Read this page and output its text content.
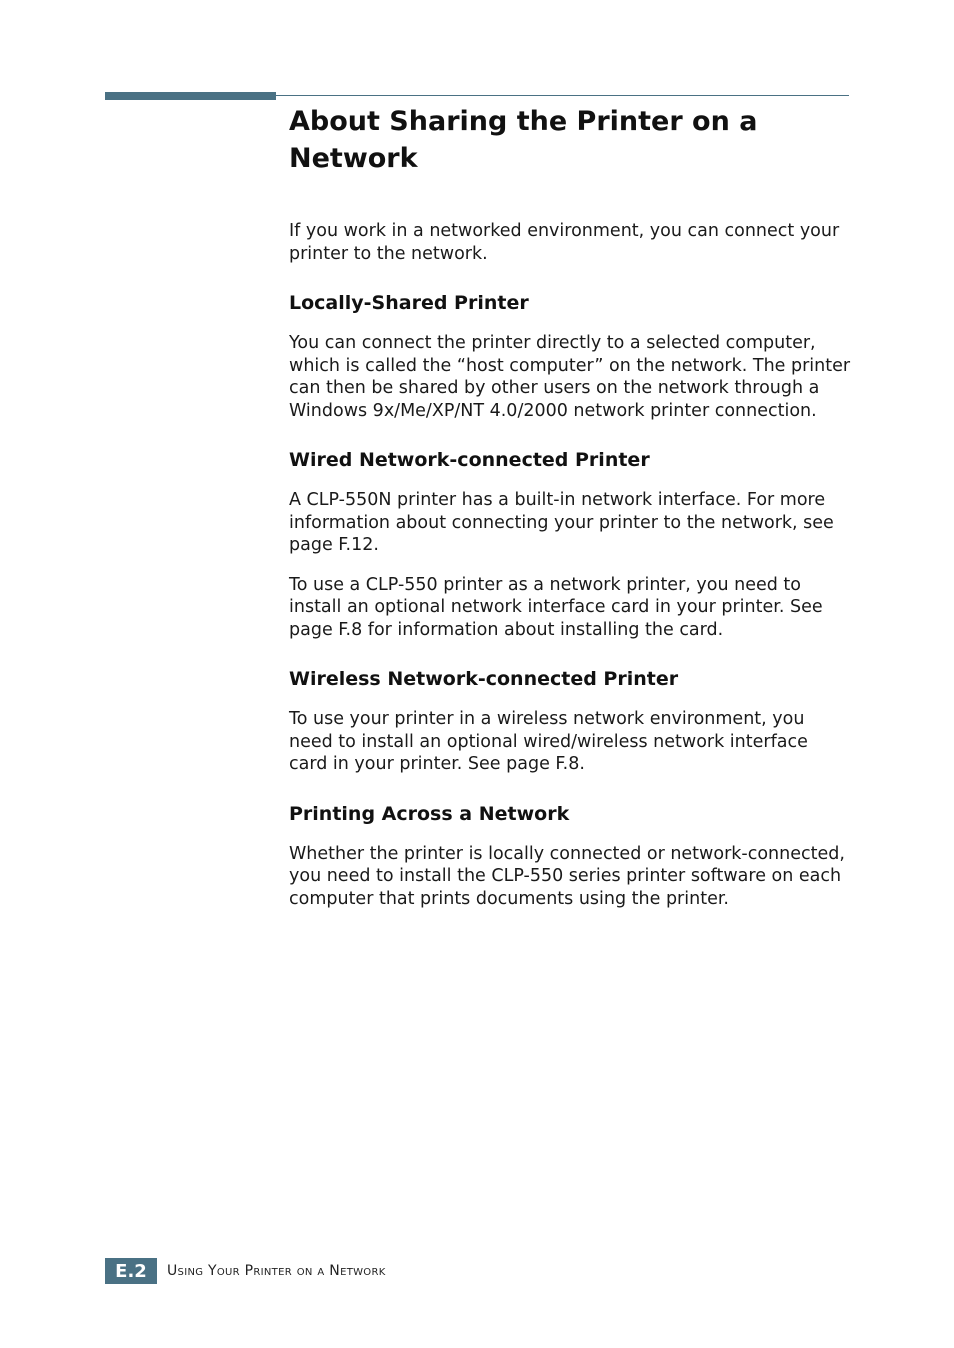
About Sharing the Printer on a Network

If you work in a networked environment, you can connect your printer to the network.

Locally-Shared Printer

You can connect the printer directly to a selected computer, which is called the “host computer” on the network. The printer can then be shared by other users on the network through a Windows 9x/Me/XP/NT 4.0/2000 network printer connection.

Wired Network-connected Printer

A CLP-550N printer has a built-in network interface. For more information about connecting your printer to the network, see page F.12.

To use a CLP-550 printer as a network printer, you need to install an optional network interface card in your printer. See page F.8 for information about installing the card.

Wireless Network-connected Printer

To use your printer in a wireless network environment, you need to install an optional wired/wireless network interface card in your printer. See page F.8.

Printing Across a Network

Whether the printer is locally connected or network-connected, you need to install the CLP-550 series printer software on each computer that prints documents using the printer.

E.2	Using Your Printer on a Network
